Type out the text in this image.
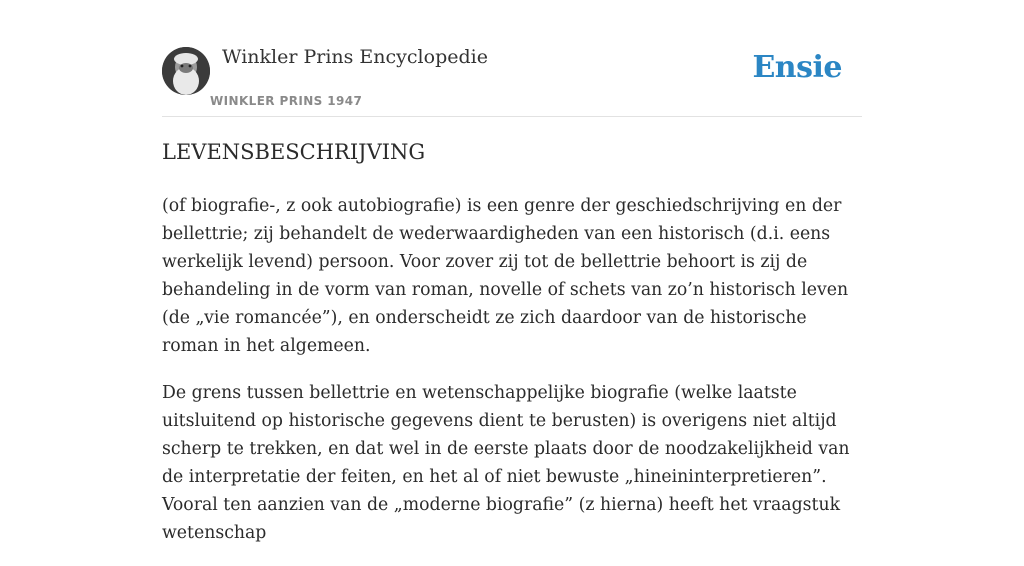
Winkler Prins Encyclopedie
WINKLER PRINS 1947
Ensie
LEVENSBESCHRIJVING

(of biografie-, z ook autobiografie) is een genre der geschiedschrijving en der bellettrie; zij behandelt de wederwaardigheden van een historisch (d.i. eens werkelijk levend) persoon. Voor zover zij tot de bellettrie behoort is zij de behandeling in de vorm van roman, novelle of schets van zo’n historisch leven (de „vie romancée”), en onderscheidt ze zich daardoor van de historische roman in het algemeen.

De grens tussen bellettrie en wetenschappelijke biografie (welke laatste uitsluitend op historische gegevens dient te berusten) is overigens niet altijd scherp te trekken, en dat wel in de eerste plaats door de noodzakelijkheid van de interpretatie der feiten, en het al of niet bewuste „hineininterpretieren”. Vooral ten aanzien van de „moderne biografie” (z hierna) heeft het vraagstuk wetenschap
